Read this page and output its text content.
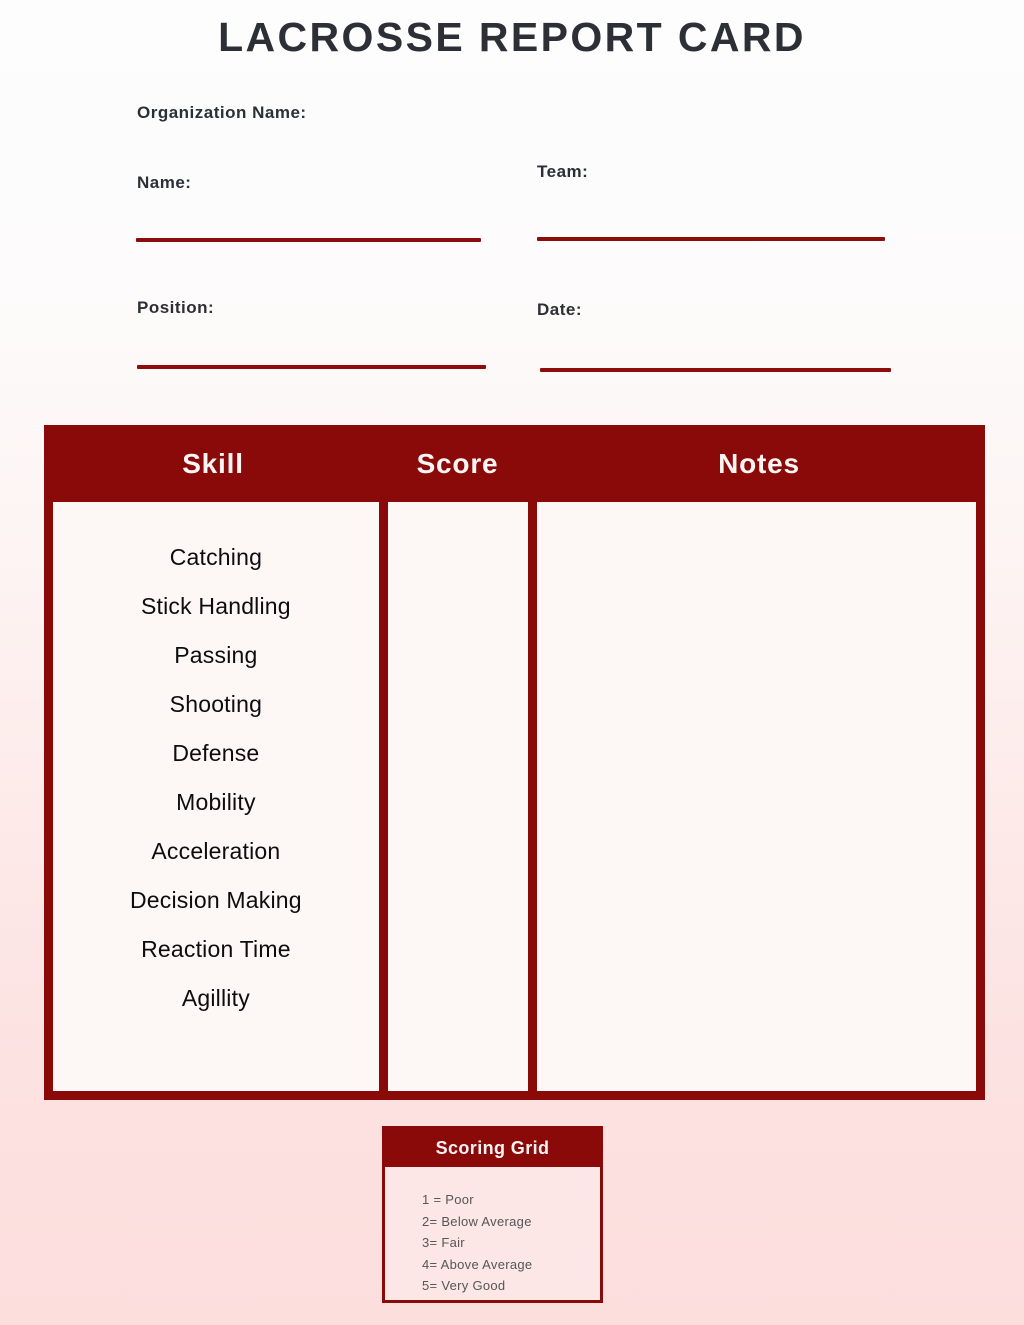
LACROSSE REPORT CARD
Organization Name:
Name:
Team:
Position:	Date:
Skill	Score	Notes
Catching
Stick Handling
Passing
Shooting
Defense
Mobility
Acceleration
Decision Making
Reaction Time
Agillity
Scoring Grid
1 = Poor
2= Below Average
3= Fair
4= Above Average
5= Very Good
